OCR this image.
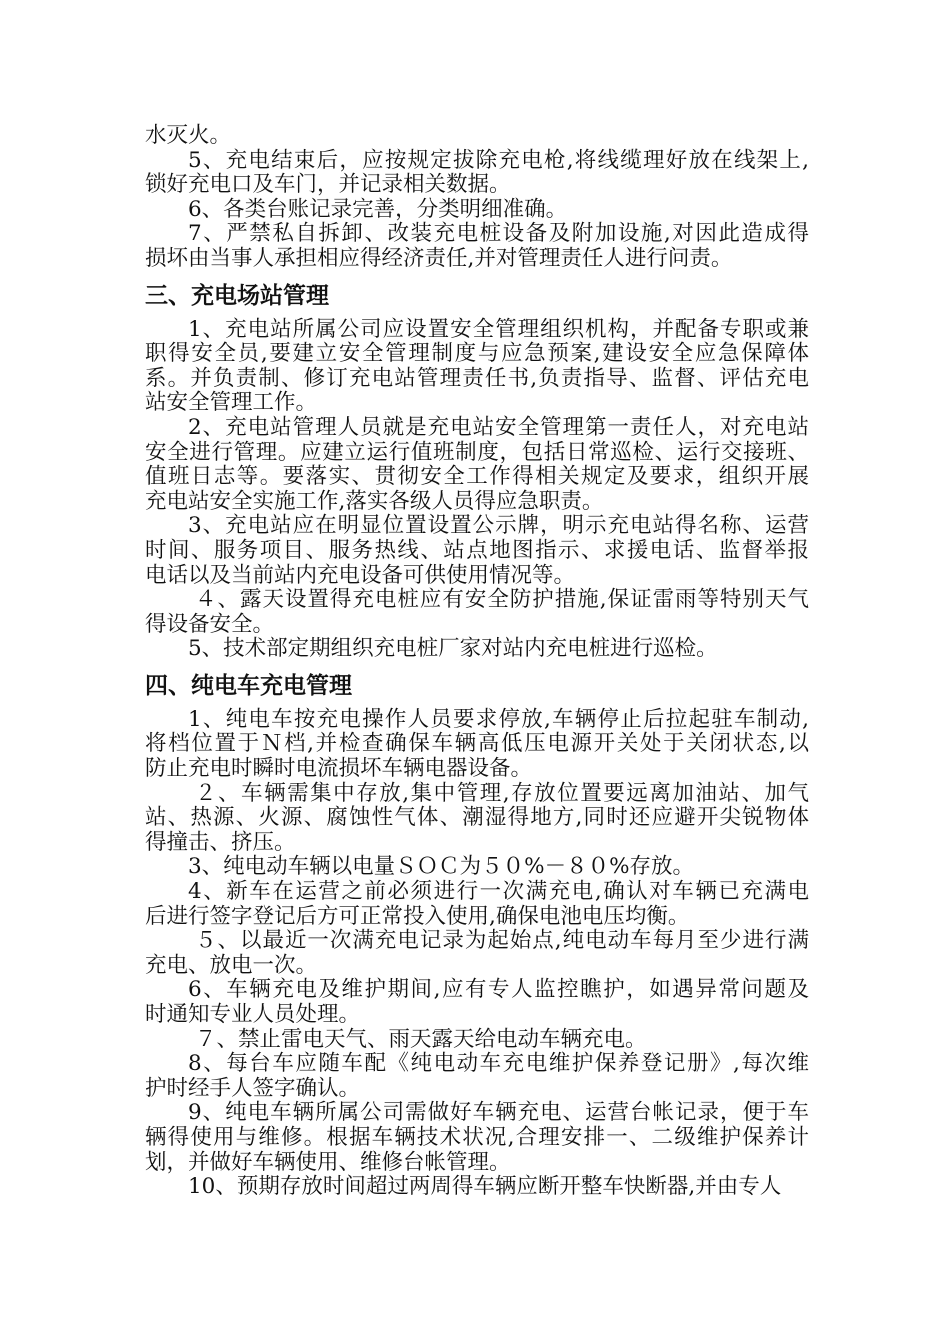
水灭火。
5、充电结束后，应按规定拔除充电枪,将线缆理好放在线架上,
锁好充电口及车门，并记录相关数据。
6、各类台账记录完善，分类明细准确。
7、严禁私自拆卸、改装充电桩设备及附加设施,对因此造成得
损坏由当事人承担相应得经济责任,并对管理责任人进行问责。
三、充电场站管理
1、充电站所属公司应设置安全管理组织机构，并配备专职或兼
职得安全员,要建立安全管理制度与应急预案,建设安全应急保障体
系。并负责制、修订充电站管理责任书,负责指导、监督、评估充电
站安全管理工作。
2、充电站管理人员就是充电站安全管理第一责任人，对充电站
安全进行管理。应建立运行值班制度，包括日常巡检、运行交接班、
值班日志等。要落实、贯彻安全工作得相关规定及要求，组织开展
充电站安全实施工作,落实各级人员得应急职责。
3、充电站应在明显位置设置公示牌，明示充电站得名称、运营
时间、服务项目、服务热线、站点地图指示、求援电话、监督举报
电话以及当前站内充电设备可供使用情况等。
４、露天设置得充电桩应有安全防护措施,保证雷雨等特别天气
得设备安全。
5、技术部定期组织充电桩厂家对站内充电桩进行巡检。
四、纯电车充电管理
1、纯电车按充电操作人员要求停放,车辆停止后拉起驻车制动,
将档位置于Ｎ档,并检查确保车辆高低压电源开关处于关闭状态,以
防止充电时瞬时电流损坏车辆电器设备。
２、车辆需集中存放,集中管理,存放位置要远离加油站、加气
站、热源、火源、腐蚀性气体、潮湿得地方,同时还应避开尖锐物体
得撞击、挤压。
3、纯电动车辆以电量ＳＯＣ为５０%－８０%存放。
4、新车在运营之前必须进行一次满充电,确认对车辆已充满电
后进行签字登记后方可正常投入使用,确保电池电压均衡。
５、以最近一次满充电记录为起始点,纯电动车每月至少进行满
充电、放电一次。
6、车辆充电及维护期间,应有专人监控瞧护，如遇异常问题及
时通知专业人员处理。
７、禁止雷电天气、雨天露天给电动车辆充电。
8、每台车应随车配《纯电动车充电维护保养登记册》,每次维
护时经手人签字确认。
9、纯电车辆所属公司需做好车辆充电、运营台帐记录，便于车
辆得使用与维修。根据车辆技术状况,合理安排一、二级维护保养计
划，并做好车辆使用、维修台帐管理。
10、预期存放时间超过两周得车辆应断开整车快断器,并由专人
